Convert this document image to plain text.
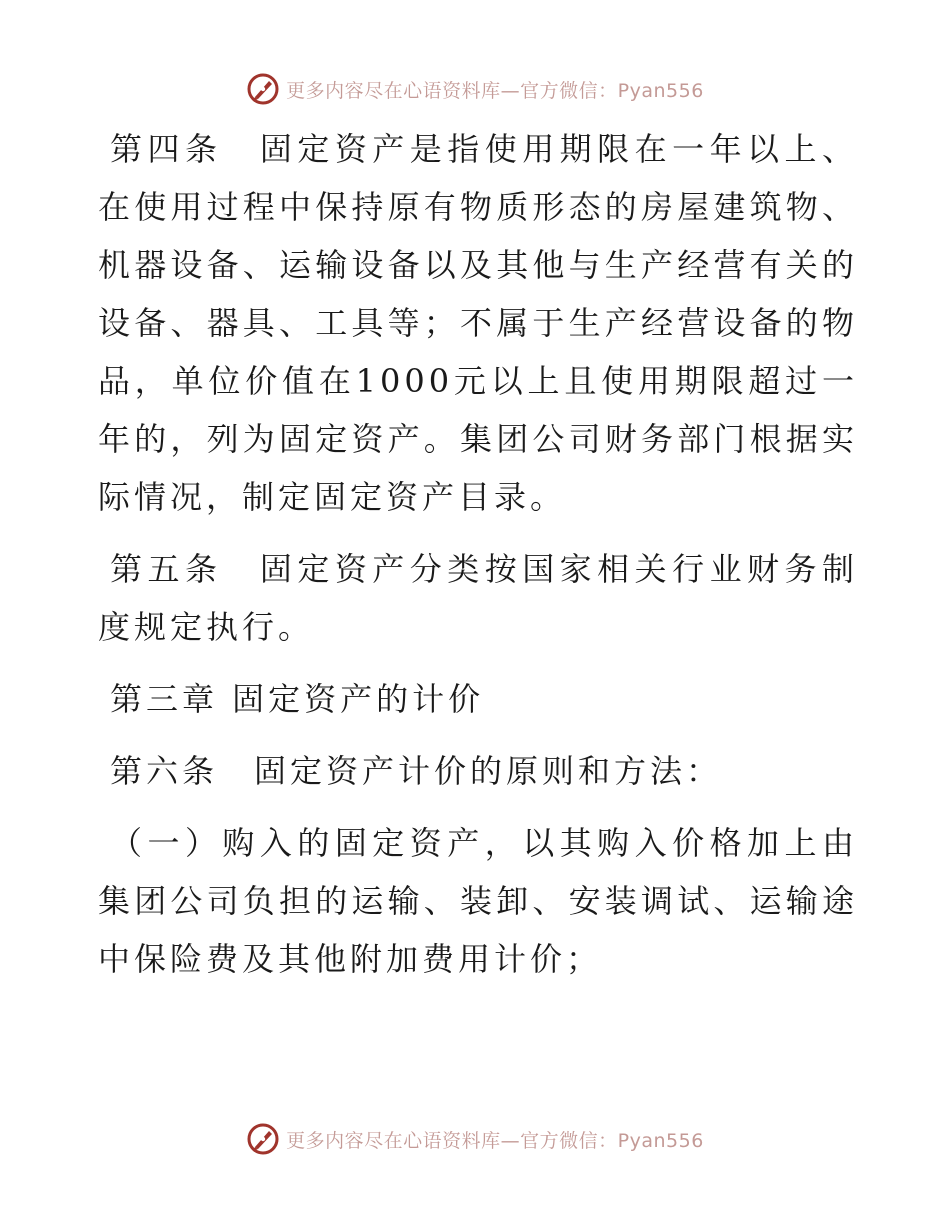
更多内容尽在心语资料库—官方微信：Pyan556

第四条　固定资产是指使用期限在一年以上、在使用过程中保持原有物质形态的房屋建筑物、机器设备、运输设备以及其他与生产经营有关的设备、器具、工具等；不属于生产经营设备的物品，单位价值在1000元以上且使用期限超过一年的，列为固定资产。集团公司财务部门根据实际情况，制定固定资产目录。

第五条　固定资产分类按国家相关行业财务制度规定执行。

第三章 固定资产的计价

第六条　固定资产计价的原则和方法：

（一）购入的固定资产，以其购入价格加上由集团公司负担的运输、装卸、安装调试、运输途中保险费及其他附加费用计价；

更多内容尽在心语资料库—官方微信：Pyan556
